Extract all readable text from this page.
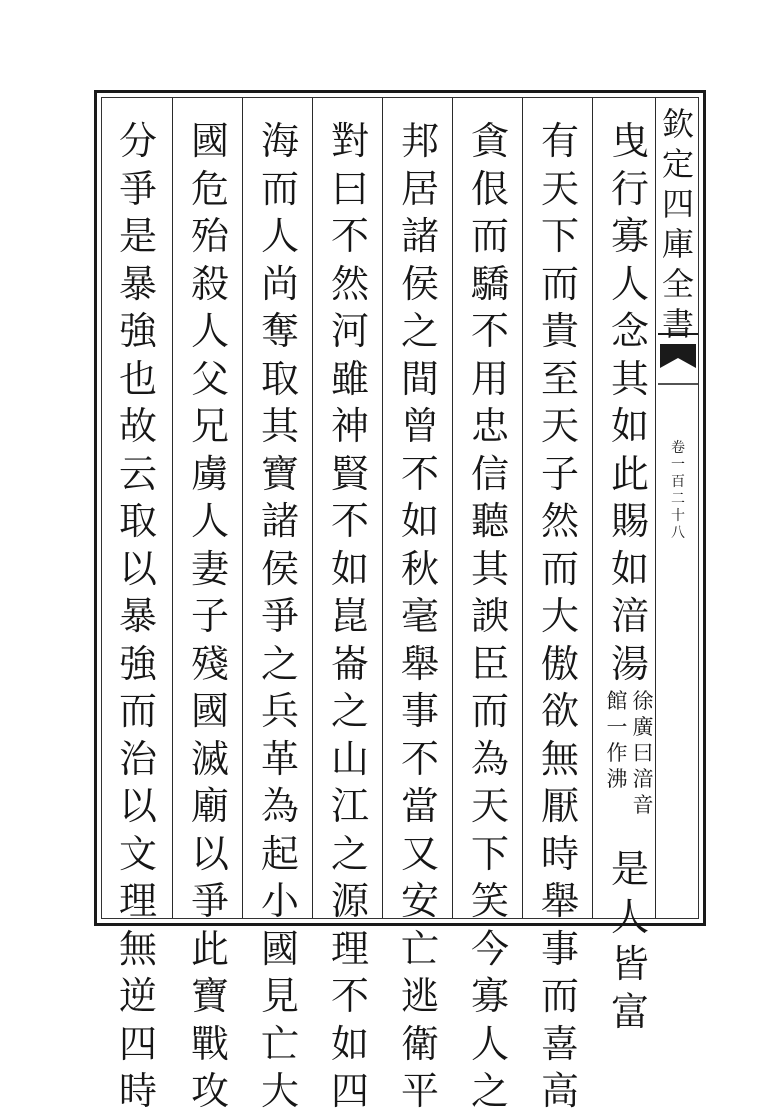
曳
行
寡
人
念
其
如
此
賜
如
湆
湯
館
一
作
沸
徐
廣
曰
湆
音
是
人
皆
富
有
天
下
而
貴
至
天
子
然
而
大
傲
欲
無
厭
時
舉
事
而
喜
高
貪
佷
而
驕
不
用
忠
信
聽
其
諛
臣
而
為
天
下
笑
今
寡
人
之
邦
居
諸
侯
之
間
曾
不
如
秋
毫
舉
事
不
當
又
安
亡
逃
衛
平
對
曰
不
然
河
雖
神
賢
不
如
崑
崙
之
山
江
之
源
理
不
如
四
海
而
人
尚
奪
取
其
寶
諸
侯
爭
之
兵
革
為
起
小
國
見
亡
大
國
危
殆
殺
人
父
兄
虜
人
妻
子
殘
國
滅
廟
以
爭
此
寶
戰
攻
分
爭
是
暴
強
也
故
云
取
以
暴
強
而
治
以
文
理
無
逆
四
時
欽
定
四
庫
全
書
卷
一
百
二
十
八
